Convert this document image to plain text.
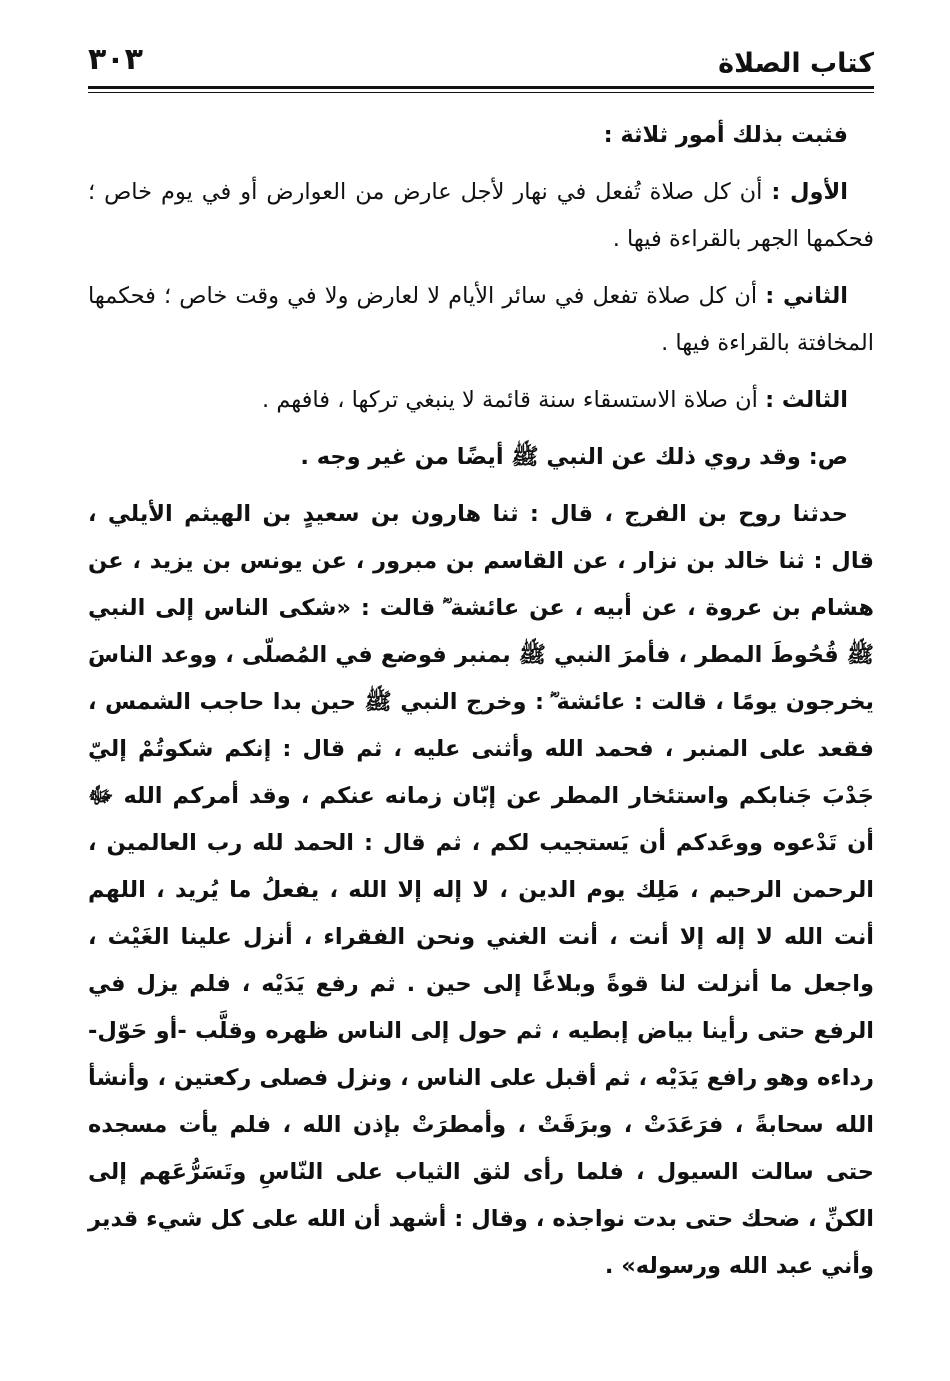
كتاب الصلاة
٣٠٣

فثبت بذلك أمور ثلاثة :

الأول : أن كل صلاة تُفعل في نهار لأجل عارض من العوارض أو في يوم خاص ؛ فحكمها الجهر بالقراءة فيها .

الثاني : أن كل صلاة تفعل في سائر الأيام لا لعارض ولا في وقت خاص ؛ فحكمها المخافتة بالقراءة فيها .

الثالث : أن صلاة الاستسقاء سنة قائمة لا ينبغي تركها ، فافهم .

ص: وقد روي ذلك عن النبي ﷺ أيضًا من غير وجه .

حدثنا روح بن الفرج ، قال : ثنا هارون بن سعيدٍ بن الهيثم الأيلي ، قال : ثنا خالد بن نزار ، عن القاسم بن مبرور ، عن يونس بن يزيد ، عن هشام بن عروة ، عن أبيه ، عن عائشة ؓ قالت : «شكى الناس إلى النبي ﷺ قُحُوطَ المطر ، فأمرَ النبي ﷺ بمنبر فوضع في المُصلّى ، ووعد الناسَ يخرجون يومًا ، قالت : عائشة ؓ : وخرج النبي ﷺ حين بدا حاجب الشمس ، فقعد على المنبر ، فحمد الله وأثنى عليه ، ثم قال : إنكم شكوتُمْ إليّ جَدْبَ جَنابكم واستئخار المطر عن إبّان زمانه عنكم ، وقد أمركم الله ﷻ أن تَدْعوه ووعَدكم أن يَستجيب لكم ، ثم قال : الحمد لله رب العالمين ، الرحمن الرحيم ، مَلِك يوم الدين ، لا إله إلا الله ، يفعلُ ما يُريد ، اللهم أنت الله لا إله إلا أنت ، أنت الغني ونحن الفقراء ، أنزل علينا الغَيْث ، واجعل ما أنزلت لنا قوةً وبلاغًا إلى حين . ثم رفع يَدَيْه ، فلم يزل في الرفع حتى رأينا بياض إبطيه ، ثم حول إلى الناس ظهره وقلَّب -أو حَوّل- رداءه وهو رافع يَدَيْه ، ثم أقبل على الناس ، ونزل فصلى ركعتين ، وأنشأ الله سحابةً ، فرَعَدَتْ ، وبرَقَتْ ، وأمطرَتْ بإذن الله ، فلم يأت مسجده حتى سالت السيول ، فلما رأى لثق الثياب على النّاسِ وتَسَرُّعَهم إلى الكنِّ ، ضحك حتى بدت نواجذه ، وقال : أشهد أن الله على كل شيء قدير وأني عبد الله ورسوله» .
